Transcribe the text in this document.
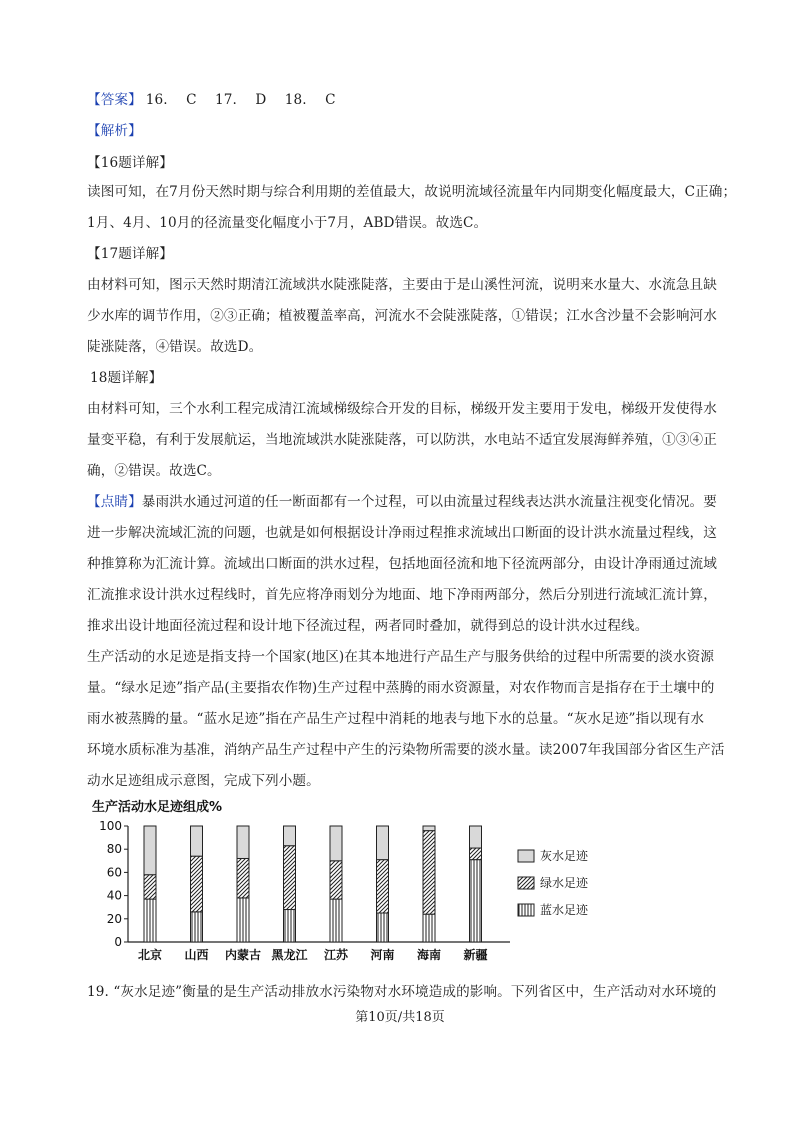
【答案】 16. C 17. D 18. C
【解析】
【16题详解】
读图可知，在7月份天然时期与综合利用期的差值最大，故说明流域径流量年内同期变化幅度最大，C正确；
1月、4月、10月的径流量变化幅度小于7月，ABD错误。故选C。
【17题详解】
由材料可知，图示天然时期清江流域洪水陡涨陡落，主要由于是山溪性河流，说明来水量大、水流急且缺
少水库的调节作用，②③正确；植被覆盖率高，河流水不会陡涨陡落，①错误；江水含沙量不会影响河水
陡涨陡落，④错误。故选D。
18题详解】
由材料可知，三个水利工程完成清江流域梯级综合开发的目标，梯级开发主要用于发电，梯级开发使得水
量变平稳，有利于发展航运，当地流域洪水陡涨陡落，可以防洪，水电站不适宜发展海鲜养殖，①③④正
确，②错误。故选C。
【点睛】暴雨洪水通过河道的任一断面都有一个过程，可以由流量过程线表达洪水流量注视变化情况。要
进一步解决流域汇流的问题，也就是如何根据设计净雨过程推求流域出口断面的设计洪水流量过程线，这
种推算称为汇流计算。流域出口断面的洪水过程，包括地面径流和地下径流两部分，由设计净雨通过流域
汇流推求设计洪水过程线时，首先应将净雨划分为地面、地下净雨两部分，然后分别进行流域汇流计算，
推求出设计地面径流过程和设计地下径流过程，两者同时叠加，就得到总的设计洪水过程线。
生产活动的水足迹是指支持一个国家(地区)在其本地进行产品生产与服务供给的过程中所需要的淡水资源
量。“绿水足迹”指产品(主要指农作物)生产过程中蒸腾的雨水资源量，对农作物而言是指存在于土壤中的
雨水被蒸腾的量。“蓝水足迹”指在产品生产过程中消耗的地表与地下水的总量。“灰水足迹”指以现有水
环境水质标准为基准，消纳产品生产过程中产生的污染物所需要的淡水量。读2007年我国部分省区生产活
动水足迹组成示意图，完成下列小题。
生产活动水足迹组成%
0
20
40
60
80
100
北京 山西 内蒙古 黑龙江 江苏 河南 海南 新疆
灰水足迹
绿水足迹
蓝水足迹
19. “灰水足迹”衡量的是生产活动排放水污染物对水环境造成的影响。下列省区中，生产活动对水环境的
第10页/共18页
